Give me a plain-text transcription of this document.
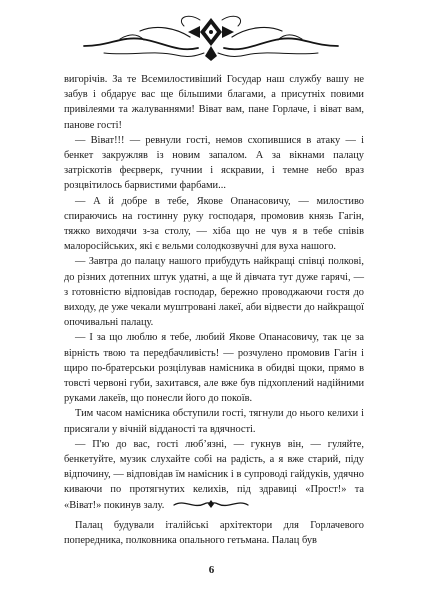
вигорічів. За те Всемилостивіший Государ наш службу вашу не забув і обдарує вас ще більшими благами, а присутніх повими привілеями та жалуваннями! Віват вам, пане Горлаче, і віват вам, панове гості!

— Віват!!! — ревнули гості, немов схопившися в атаку — і бенкет закружляв із новим запалом. А за вікнами палацу затріскотів феєрверк, гучнии і яскравии, і темне небо враз розцвітилось барвистими фарбами...

— А й добре в тебе, Якове Опанасовичу, — милостиво спираючись на гостинну руку господаря, промовив князь Гагін, тяжко виходячи з-за столу, — хіба що не чув я в тебе співів малоросійських, які є вельми солодкозвучні для вуха нашого.

— Завтра до палацу нашого прибудуть найкращі співці полкові, до різних дотепних штук удатні, а ще й дівчата тут дуже гарячі, — з готовністю відповідав господар, бережно проводжаючи гостя до виходу, де уже чекали муштровані лакеї, аби відвести до найкращої опочивальні палацу.

— І за що люблю я тебе, любий Якове Опанасовичу, так це за вірність твою та передбачливість! — розчулено промовив Гагін і щиро по-братерськи розцілував намісника в обидві щоки, прямо в товсті червоні губи, захитався, але вже був підхоплений надійними руками лакеїв, що понесли його до покоїв.

Тим часом намісника обступили гості, тягнули до нього келихи і присягали у вічній відданості та вдячності.

— П'ю до вас, гості любʼязні, — гукнув він, — гуляйте, бенкетуйте, музик слухайте собі на радість, а я вже старий, піду відпочину, — відповідав їм намісник і в супроводі гайдуків, удячно киваючи по протягнутих келихів, під здравиці «Прост!» та «Віват!» покинув залу.

Палац будували італійські архітектори для Горлачевого попередника, полковника опального гетьмана. Палац був

6
